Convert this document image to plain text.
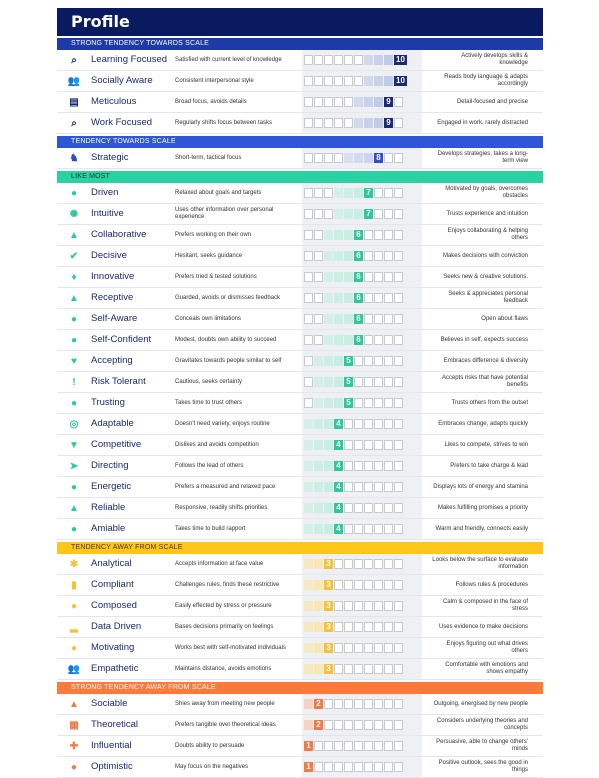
Profile
STRONG TENDENCY TOWARDS SCALE
⌕ Learning Focused	Satisfied with current level of knowledge	10	Actively develops skills & knowledge
👥 Socially Aware	Consistent interpersonal style	10	Reads body language & adapts accordingly
▤ Meticulous	Broad focus, avoids details	9	Detail-focused and precise
⌕ Work Focused	Regularly shifts focus between tasks	9	Engaged in work, rarely distracted
TENDENCY TOWARDS SCALE
♞ Strategic	Short-term, tactical focus	8	Develops strategies, takes a long-term view
LIKE MOST
● Driven	Relaxed about goals and targets	7	Motivated by goals, overcomes obstacles
✺ Intuitive	Uses other information over personal experience	7	Trusts experience and intuition
▲ Collaborative	Prefers working on their own	6	Enjoys collaborating & helping others
✔ Decisive	Hesitant, seeks guidance	6	Makes decisions with conviction
♦ Innovative	Prefers tried & tested solutions	6	Seeks new & creative solutions.
▲ Receptive	Guarded, avoids or dismisses feedback	6	Seeks & appreciates personal feedback
● Self-Aware	Conceals own limitations	6	Open about flaws
● Self-Confident	Modest, doubts own ability to succeed	6	Believes in self, expects success
♥ Accepting	Gravitates towards people similar to self	5	Embraces difference & diversity
! Risk Tolerant	Cautious, seeks certainty	5	Accepts risks that have potential benefits
● Trusting	Takes time to trust others	5	Trusts others from the outset
◎ Adaptable	Doesn't need variety, enjoys routine	4	Embraces change, adapts quickly
▼ Competitive	Dislikes and avoids competition	4	Likes to compete, strives to win
➤ Directing	Follows the lead of others	4	Prefers to take charge & lead
● Energetic	Prefers a measured and relaxed pace	4	Displays lots of energy and stamina
▲ Reliable	Responsive, readily shifts priorities	4	Makes fulfilling promises a priority
● Amiable	Takes time to build rapport	4	Warm and friendly, connects easily
TENDENCY AWAY FROM SCALE
✱ Analytical	Accepts information at face value	3	Looks below the surface to evaluate information
▮ Compliant	Challenges rules, finds these restrictive	3	Follows rules & procedures
● Composed	Easily effected by stress or pressure	3	Calm & composed in the face of stress
▂ Data Driven	Bases decisions primarily on feelings	3	Uses evidence to make decisions
● Motivating	Works best with self-motivated individuals	3	Enjoys figuring out what drives others
👥 Empathetic	Maintains distance, avoids emotions	3	Comfortable with emotions and shows empathy
STRONG TENDENCY AWAY FROM SCALE
▲ Sociable	Shies away from meeting new people	2	Outgoing, energised by new people
▦ Theoretical	Prefers tangible over theoretical ideas	2	Considers underlying theories and concepts
✚ Influential	Doubts ability to persuade	1	Persuasive, able to change others' minds
● Optimistic	May focus on the negatives	1	Positive outlook, sees the good in things
